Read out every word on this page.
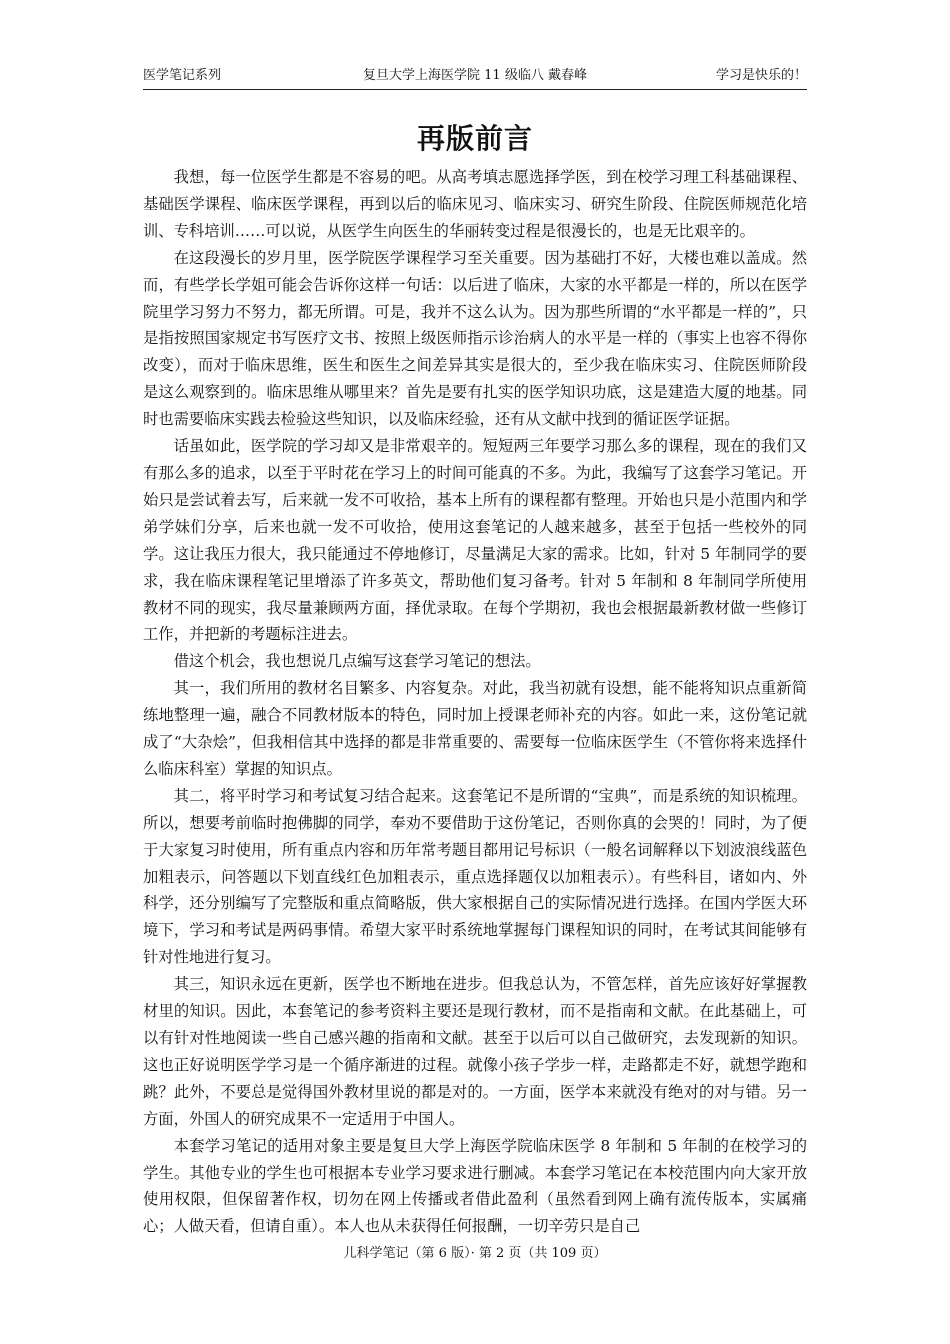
医学笔记系列	复旦大学上海医学院 11 级临八 戴春峰	学习是快乐的！
再版前言

我想，每一位医学生都是不容易的吧。从高考填志愿选择学医，到在校学习理工科基础课程、基础医学课程、临床医学课程，再到以后的临床见习、临床实习、研究生阶段、住院医师规范化培训、专科培训……可以说，从医学生向医生的华丽转变过程是很漫长的，也是无比艰辛的。

在这段漫长的岁月里，医学院医学课程学习至关重要。因为基础打不好，大楼也难以盖成。然而，有些学长学姐可能会告诉你这样一句话：以后进了临床，大家的水平都是一样的，所以在医学院里学习努力不努力，都无所谓。可是，我并不这么认为。因为那些所谓的“水平都是一样的”，只是指按照国家规定书写医疗文书、按照上级医师指示诊治病人的水平是一样的（事实上也容不得你改变），而对于临床思维，医生和医生之间差异其实是很大的，至少我在临床实习、住院医师阶段是这么观察到的。临床思维从哪里来？首先是要有扎实的医学知识功底，这是建造大厦的地基。同时也需要临床实践去检验这些知识，以及临床经验，还有从文献中找到的循证医学证据。

话虽如此，医学院的学习却又是非常艰辛的。短短两三年要学习那么多的课程，现在的我们又有那么多的追求，以至于平时花在学习上的时间可能真的不多。为此，我编写了这套学习笔记。开始只是尝试着去写，后来就一发不可收拾，基本上所有的课程都有整理。开始也只是小范围内和学弟学妹们分享，后来也就一发不可收拾，使用这套笔记的人越来越多，甚至于包括一些校外的同学。这让我压力很大，我只能通过不停地修订，尽量满足大家的需求。比如，针对 5 年制同学的要求，我在临床课程笔记里增添了许多英文，帮助他们复习备考。针对 5 年制和 8 年制同学所使用教材不同的现实，我尽量兼顾两方面，择优录取。在每个学期初，我也会根据最新教材做一些修订工作，并把新的考题标注进去。

借这个机会，我也想说几点编写这套学习笔记的想法。

其一，我们所用的教材名目繁多、内容复杂。对此，我当初就有设想，能不能将知识点重新简练地整理一遍，融合不同教材版本的特色，同时加上授课老师补充的内容。如此一来，这份笔记就成了“大杂烩”，但我相信其中选择的都是非常重要的、需要每一位临床医学生（不管你将来选择什么临床科室）掌握的知识点。

其二，将平时学习和考试复习结合起来。这套笔记不是所谓的“宝典”，而是系统的知识梳理。所以，想要考前临时抱佛脚的同学，奉劝不要借助于这份笔记，否则你真的会哭的！同时，为了便于大家复习时使用，所有重点内容和历年常考题目都用记号标识（一般名词解释以下划波浪线蓝色加粗表示，问答题以下划直线红色加粗表示，重点选择题仅以加粗表示）。有些科目，诸如内、外科学，还分别编写了完整版和重点简略版，供大家根据自己的实际情况进行选择。在国内学医大环境下，学习和考试是两码事情。希望大家平时系统地掌握每门课程知识的同时，在考试其间能够有针对性地进行复习。

其三，知识永远在更新，医学也不断地在进步。但我总认为，不管怎样，首先应该好好掌握教材里的知识。因此，本套笔记的参考资料主要还是现行教材，而不是指南和文献。在此基础上，可以有针对性地阅读一些自己感兴趣的指南和文献。甚至于以后可以自己做研究，去发现新的知识。这也正好说明医学学习是一个循序渐进的过程。就像小孩子学步一样，走路都走不好，就想学跑和跳？此外，不要总是觉得国外教材里说的都是对的。一方面，医学本来就没有绝对的对与错。另一方面，外国人的研究成果不一定适用于中国人。

本套学习笔记的适用对象主要是复旦大学上海医学院临床医学 8 年制和 5 年制的在校学习的学生。其他专业的学生也可根据本专业学习要求进行删减。本套学习笔记在本校范围内向大家开放使用权限，但保留著作权，切勿在网上传播或者借此盈利（虽然看到网上确有流传版本，实属痛心；人做天看，但请自重）。本人也从未获得任何报酬，一切辛劳只是自己

儿科学笔记（第 6 版）· 第 2 页（共 109 页）
